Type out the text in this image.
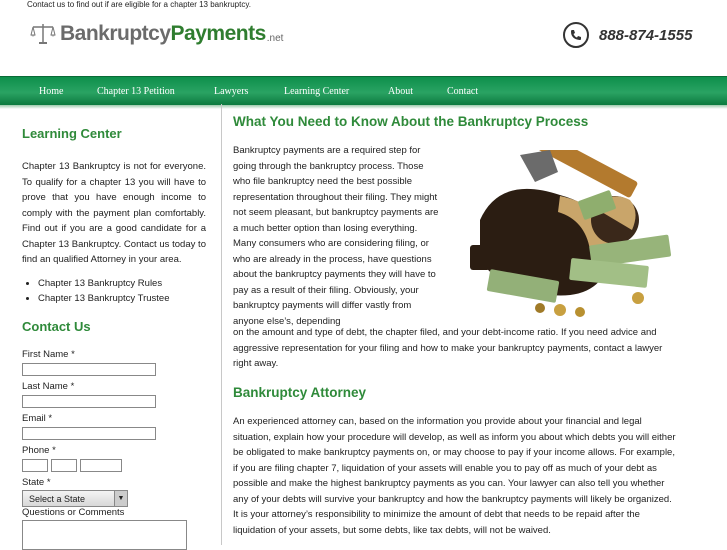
Contact us to find out if are eligible for a chapter 13 bankruptcy.
Bankruptcy Payments .net	888-874-1555
Home	Chapter 13 Petition	Lawyers	Learning Center	About	Contact
Learning Center

Chapter 13 Bankruptcy is not for everyone. To qualify for a chapter 13 you will have to prove that you have enough income to comply with the payment plan comfortably. Find out if you are a good candidate for a Chapter 13 Bankruptcy. Contact us today to find an qualified Attorney in your area.

• Chapter 13 Bankruptcy Rules
• Chapter 13 Bankruptcy Trustee
Contact Us
First Name *
Last Name *
Email *
Phone *
State *
Select a State	▼
Questions or Comments
What You Need to Know About the Bankruptcy Process

Bankruptcy payments are a required step for going through the bankruptcy process. Those who file bankruptcy need the best possible representation throughout their filing. They might not seem pleasant, but bankruptcy payments are a much better option than losing everything. Many consumers who are considering filing, or who are already in the process, have questions about the bankruptcy payments they will have to pay as a result of their filing. Obviously, your bankruptcy payments will differ vastly from anyone else’s, depending

on the amount and type of debt, the chapter filed, and your debt-income ratio. If you need advice and aggressive representation for your filing and how to make your bankruptcy payments, contact a lawyer right away.

Bankruptcy Attorney

An experienced attorney can, based on the information you provide about your financial and legal situation, explain how your procedure will develop, as well as inform you about which debts you will either be obligated to make bankruptcy payments on, or may choose to pay if your income allows. For example, if you are filing chapter 7, liquidation of your assets will enable you to pay off as much of your debt as possible and make the highest bankruptcy payments as you can. Your lawyer can also tell you whether any of your debts will survive your bankruptcy and how the bankruptcy payments will likely be organized. It is your attorney’s responsibility to minimize the amount of debt that needs to be repaid after the liquidation of your assets, but some debts, like tax debts, will not be waived.
